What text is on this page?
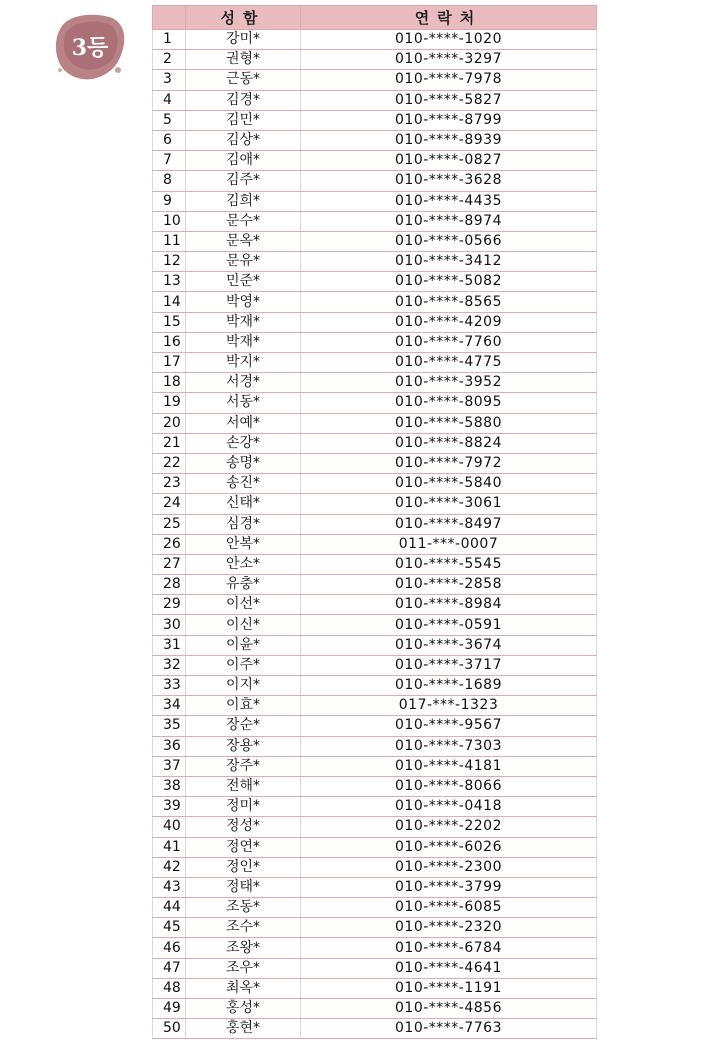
3등
	성함	연락처
1	강미*	010-****-1020
2	권형*	010-****-3297
3	근동*	010-****-7978
4	김경*	010-****-5827
5	김민*	010-****-8799
6	김상*	010-****-8939
7	김애*	010-****-0827
8	김주*	010-****-3628
9	김희*	010-****-4435
10	문수*	010-****-8974
11	문옥*	010-****-0566
12	문유*	010-****-3412
13	민준*	010-****-5082
14	박영*	010-****-8565
15	박재*	010-****-4209
16	박재*	010-****-7760
17	박지*	010-****-4775
18	서경*	010-****-3952
19	서동*	010-****-8095
20	서예*	010-****-5880
21	손강*	010-****-8824
22	송명*	010-****-7972
23	송진*	010-****-5840
24	신태*	010-****-3061
25	심경*	010-****-8497
26	안복*	011-***-0007
27	안소*	010-****-5545
28	유충*	010-****-2858
29	이선*	010-****-8984
30	이신*	010-****-0591
31	이윤*	010-****-3674
32	이주*	010-****-3717
33	이지*	010-****-1689
34	이효*	017-***-1323
35	장순*	010-****-9567
36	장용*	010-****-7303
37	장주*	010-****-4181
38	전해*	010-****-8066
39	정미*	010-****-0418
40	정성*	010-****-2202
41	정연*	010-****-6026
42	정인*	010-****-2300
43	정태*	010-****-3799
44	조동*	010-****-6085
45	조수*	010-****-2320
46	조왕*	010-****-6784
47	조우*	010-****-4641
48	최옥*	010-****-1191
49	홍성*	010-****-4856
50	홍현*	010-****-7763
